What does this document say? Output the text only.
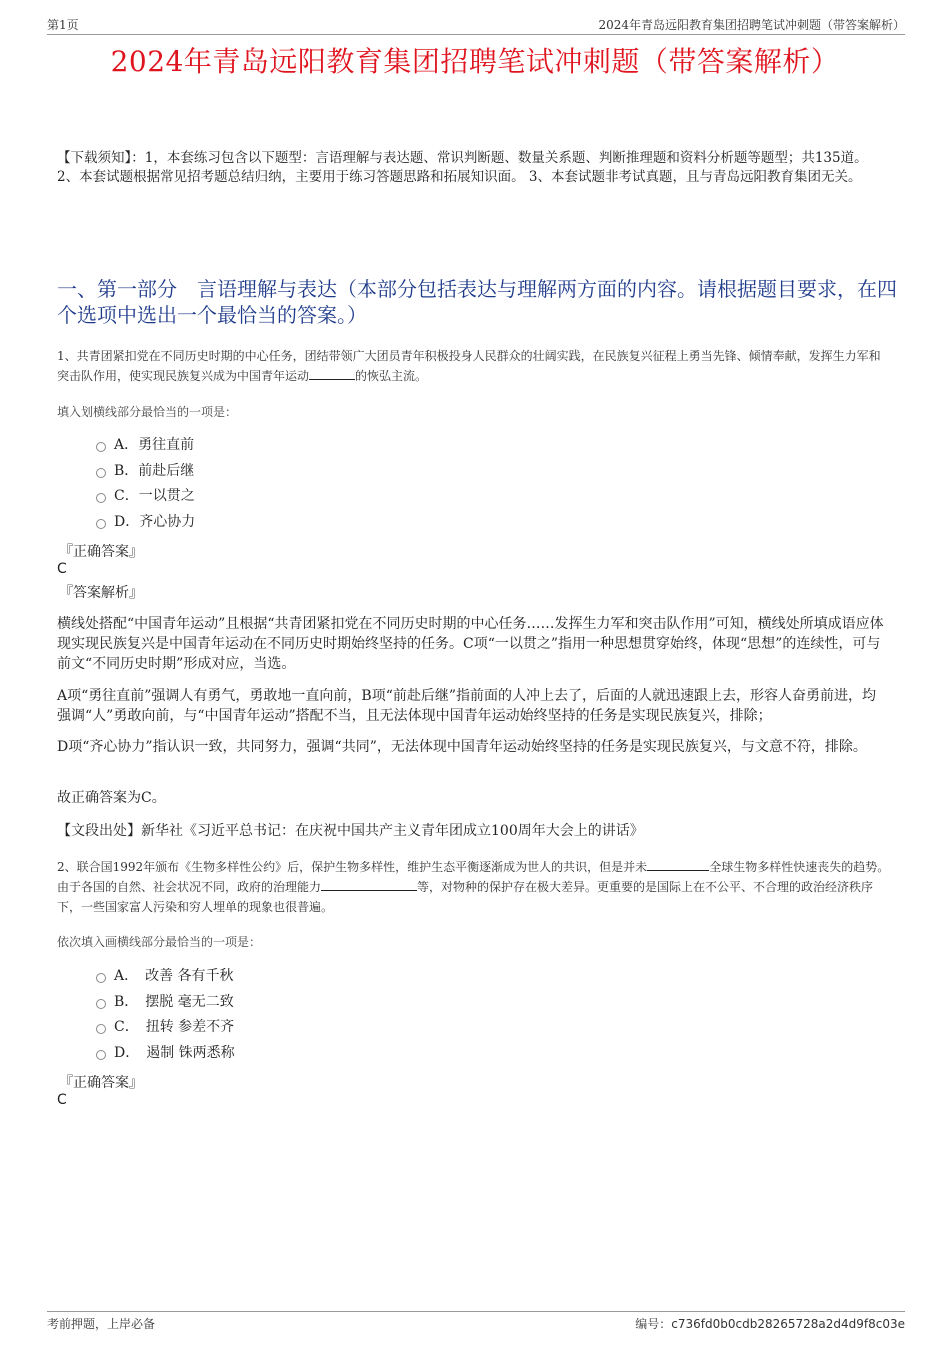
第1页	2024年青岛远阳教育集团招聘笔试冲刺题（带答案解析）
2024年青岛远阳教育集团招聘笔试冲刺题（带答案解析）
【下载须知】：1，本套练习包含以下题型：言语理解与表达题、常识判断题、数量关系题、判断推理题和资料分析题等题型；共135道。 2、本套试题根据常见招考题总结归纳，主要用于练习答题思路和拓展知识面。 3、本套试题非考试真题，且与青岛远阳教育集团无关。
一、第一部分　言语理解与表达（本部分包括表达与理解两方面的内容。请根据题目要求，在四个选项中选出一个最恰当的答案。）
1、共青团紧扣党在不同历史时期的中心任务，团结带领广大团员青年积极投身人民群众的壮阔实践，在民族复兴征程上勇当先锋、倾情奉献，发挥生力军和突击队作用，使实现民族复兴成为中国青年运动	的恢弘主流。
填入划横线部分最恰当的一项是：
A．勇往直前
B．前赴后继
C．一以贯之
D．齐心协力
『正确答案』
C
『答案解析』
横线处搭配“中国青年运动”且根据“共青团紧扣党在不同历史时期的中心任务……发挥生力军和突击队作用”可知，横线处所填成语应体现实现民族复兴是中国青年运动在不同历史时期始终坚持的任务。C项“一以贯之”指用一种思想贯穿始终，体现“思想”的连续性，可与前文“不同历史时期”形成对应，当选。
A项“勇往直前”强调人有勇气，勇敢地一直向前，B项“前赴后继”指前面的人冲上去了，后面的人就迅速跟上去，形容人奋勇前进，均强调“人”勇敢向前，与“中国青年运动”搭配不当，且无法体现中国青年运动始终坚持的任务是实现民族复兴，排除；
D项“齐心协力”指认识一致，共同努力，强调“共同”，无法体现中国青年运动始终坚持的任务是实现民族复兴，与文意不符，排除。
故正确答案为C。
【文段出处】新华社《习近平总书记：在庆祝中国共产主义青年团成立100周年大会上的讲话》
2、联合国1992年颁布《生物多样性公约》后，保护生物多样性，维护生态平衡逐渐成为世人的共识，但是并未	全球生物多样性快速丧失的趋势。由于各国的自然、社会状况不同，政府的治理能力	等，对物种的保护存在极大差异。更重要的是国际上在不公平、不合理的政治经济秩序下，一些国家富人污染和穷人埋单的现象也很普遍。
依次填入画横线部分最恰当的一项是：
A．　改善 各有千秋
B．　摆脱 毫无二致
C．　扭转 参差不齐
D．　遏制 铢两悉称
『正确答案』
C
考前押题，上岸必备	编号：c736fd0b0cdb28265728a2d4d9f8c03e
